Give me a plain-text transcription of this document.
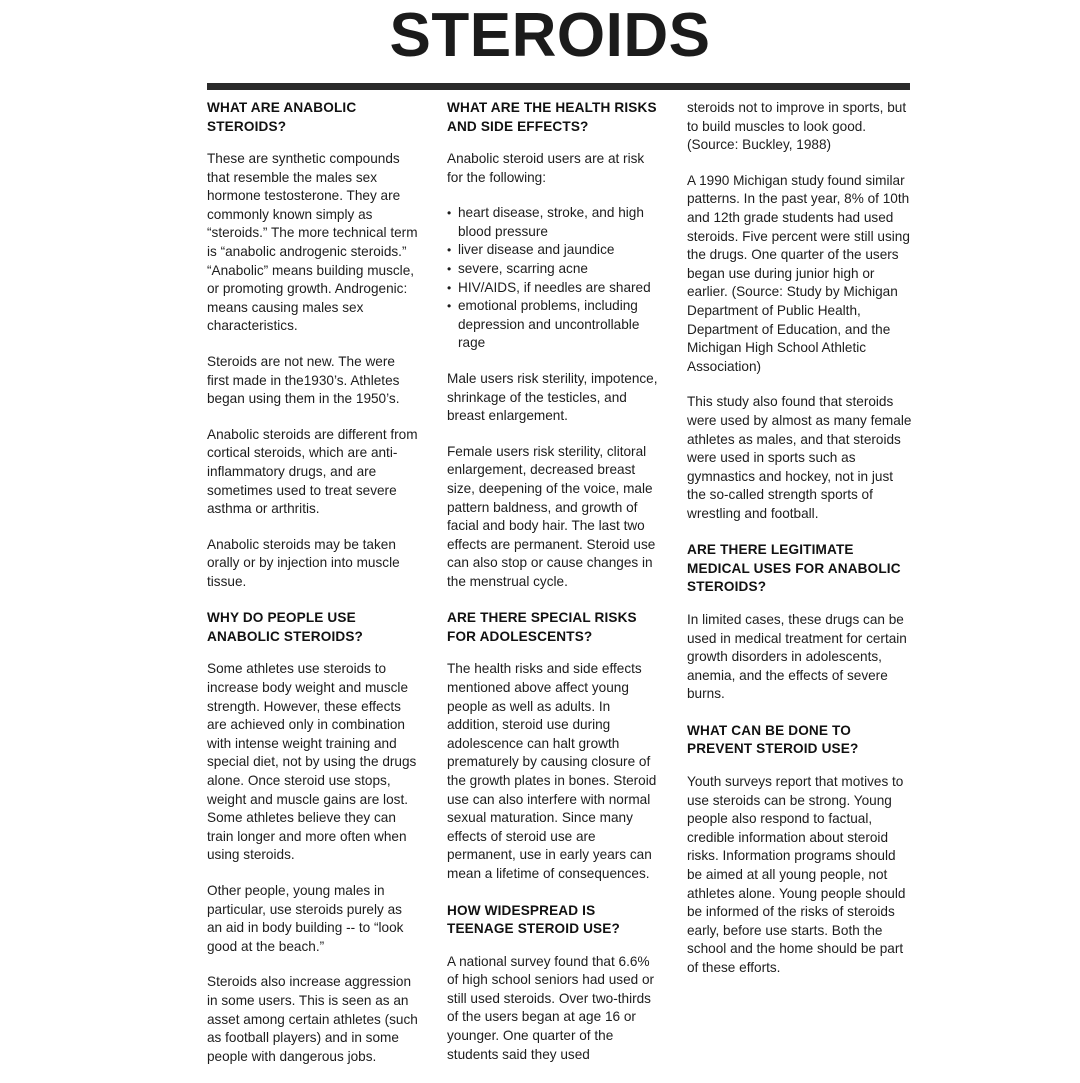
STEROIDS
WHAT ARE ANABOLIC STEROIDS?

These are synthetic compounds that resemble the males sex hormone testosterone. They are commonly known simply as “steroids.” The more technical term is “anabolic androgenic steroids.” “Anabolic” means building muscle, or promoting growth. Androgenic: means causing males sex characteristics.

Steroids are not new. The were first made in the1930’s. Athletes began using them in the 1950’s.

Anabolic steroids are different from cortical steroids, which are anti-inflammatory drugs, and are sometimes used to treat severe asthma or arthritis.

Anabolic steroids may be taken orally or by injection into muscle tissue.

WHY DO PEOPLE USE ANABOLIC STEROIDS?

Some athletes use steroids to increase body weight and muscle strength. However, these effects are achieved only in combination with intense weight training and special diet, not by using the drugs alone. Once steroid use stops, weight and muscle gains are lost. Some athletes believe they can train longer and more often when using steroids.

Other people, young males in particular, use steroids purely as an aid in body building -- to “look good at the beach.”

Steroids also increase aggression in some users. This is seen as an asset among certain athletes (such as football players) and in some people with dangerous jobs.

WHAT ARE THE HEALTH RISKS AND SIDE EFFECTS?

Anabolic steroid users are at risk for the following:

• heart disease, stroke, and high blood pressure
• liver disease and jaundice
• severe, scarring acne
• HIV/AIDS, if needles are shared
• emotional problems, including depression and uncontrollable rage

Male users risk sterility, impotence, shrinkage of the testicles, and breast enlargement.

Female users risk sterility, clitoral enlargement, decreased breast size, deepening of the voice, male pattern baldness, and growth of facial and body hair. The last two effects are permanent. Steroid use can also stop or cause changes in the menstrual cycle.

ARE THERE SPECIAL RISKS FOR ADOLESCENTS?

The health risks and side effects mentioned above affect young people as well as adults. In addition, steroid use during adolescence can halt growth prematurely by causing closure of the growth plates in bones. Steroid use can also interfere with normal sexual maturation. Since many effects of steroid use are permanent, use in early years can mean a lifetime of consequences.

HOW WIDESPREAD IS TEENAGE STEROID USE?

A national survey found that 6.6% of high school seniors had used or still used steroids. Over two-thirds of the users began at age 16 or younger. One quarter of the students said they used

steroids not to improve in sports, but to build muscles to look good. (Source: Buckley, 1988)

A 1990 Michigan study found similar patterns. In the past year, 8% of 10th and 12th grade students had used steroids. Five percent were still using the drugs. One quarter of the users began use during junior high or earlier. (Source: Study by Michigan Department of Public Health, Department of Education, and the Michigan High School Athletic Association)

This study also found that steroids were used by almost as many female athletes as males, and that steroids were used in sports such as gymnastics and hockey, not in just the so-called strength sports of wrestling and football.

ARE THERE LEGITIMATE MEDICAL USES FOR ANABOLIC STEROIDS?

In limited cases, these drugs can be used in medical treatment for certain growth disorders in adolescents, anemia, and the effects of severe burns.

WHAT CAN BE DONE TO PREVENT STEROID USE?

Youth surveys report that motives to use steroids can be strong. Young people also respond to factual, credible information about steroid risks. Information programs should be aimed at all young people, not athletes alone. Young people should be informed of the risks of steroids early, before use starts. Both the school and the home should be part of these efforts.
